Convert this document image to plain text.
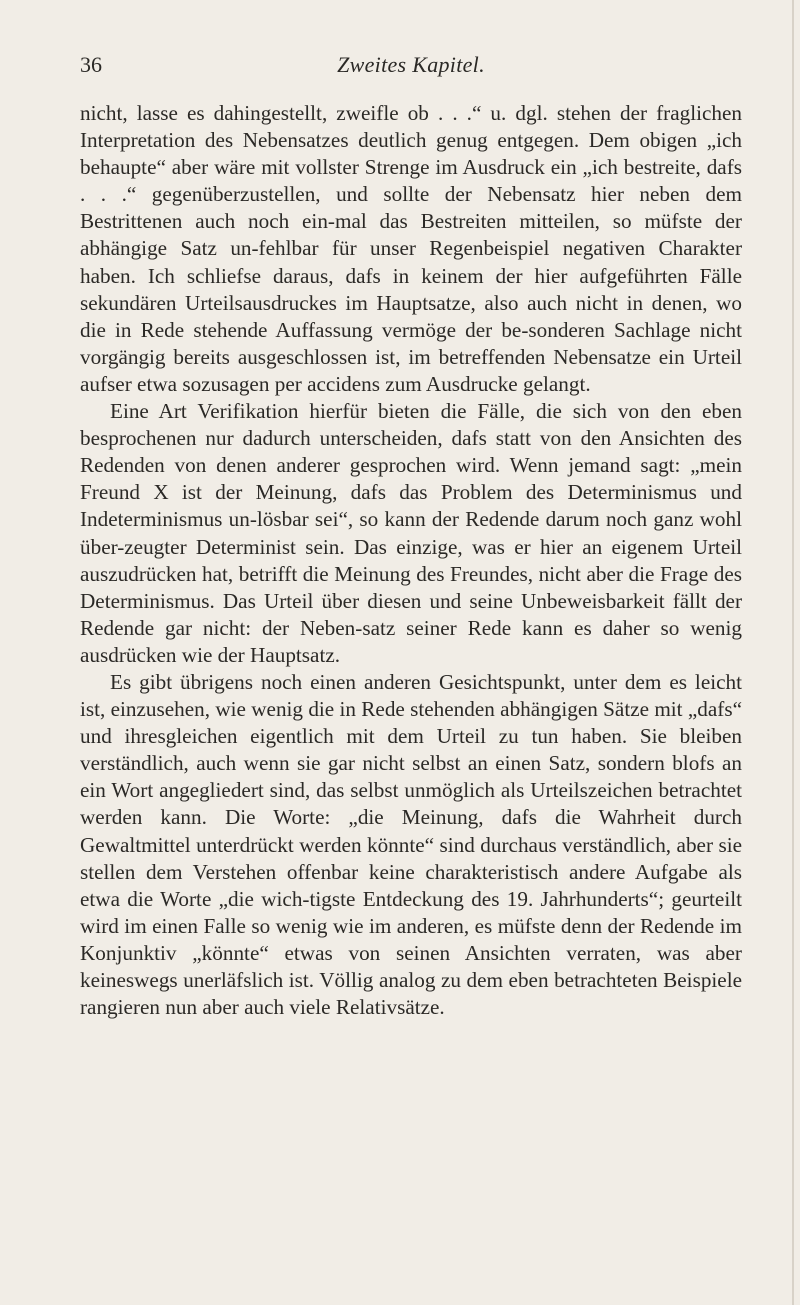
36	Zweites Kapitel.

nicht, lasse es dahingestellt, zweifle ob . . .“ u. dgl. stehen der fraglichen Interpretation des Nebensatzes deutlich genug entgegen. Dem obigen „ich behaupte“ aber wäre mit vollster Strenge im Ausdruck ein „ich bestreite, dafs . . .“ gegenüberzustellen, und sollte der Nebensatz hier neben dem Bestrittenen auch noch ein-mal das Bestreiten mitteilen, so müfste der abhängige Satz un-fehlbar für unser Regenbeispiel negativen Charakter haben. Ich schliefse daraus, dafs in keinem der hier aufgeführten Fälle sekundären Urteilsausdruckes im Hauptsatze, also auch nicht in denen, wo die in Rede stehende Auffassung vermöge der be-sonderen Sachlage nicht vorgängig bereits ausgeschlossen ist, im betreffenden Nebensatze ein Urteil aufser etwa sozusagen per accidens zum Ausdrucke gelangt.

Eine Art Verifikation hierfür bieten die Fälle, die sich von den eben besprochenen nur dadurch unterscheiden, dafs statt von den Ansichten des Redenden von denen anderer gesprochen wird. Wenn jemand sagt: „mein Freund X ist der Meinung, dafs das Problem des Determinismus und Indeterminismus un-lösbar sei“, so kann der Redende darum noch ganz wohl über-zeugter Determinist sein. Das einzige, was er hier an eigenem Urteil auszudrücken hat, betrifft die Meinung des Freundes, nicht aber die Frage des Determinismus. Das Urteil über diesen und seine Unbeweisbarkeit fällt der Redende gar nicht: der Neben-satz seiner Rede kann es daher so wenig ausdrücken wie der Hauptsatz.

Es gibt übrigens noch einen anderen Gesichtspunkt, unter dem es leicht ist, einzusehen, wie wenig die in Rede stehenden abhängigen Sätze mit „dafs“ und ihresgleichen eigentlich mit dem Urteil zu tun haben. Sie bleiben verständlich, auch wenn sie gar nicht selbst an einen Satz, sondern blofs an ein Wort angegliedert sind, das selbst unmöglich als Urteilszeichen betrachtet werden kann. Die Worte: „die Meinung, dafs die Wahrheit durch Gewaltmittel unterdrückt werden könnte“ sind durchaus verständlich, aber sie stellen dem Verstehen offenbar keine charakteristisch andere Aufgabe als etwa die Worte „die wich-tigste Entdeckung des 19. Jahrhunderts“; geurteilt wird im einen Falle so wenig wie im anderen, es müfste denn der Redende im Konjunktiv „könnte“ etwas von seinen Ansichten verraten, was aber keineswegs unerläfslich ist. Völlig analog zu dem eben betrachteten Beispiele rangieren nun aber auch viele Relativsätze.
